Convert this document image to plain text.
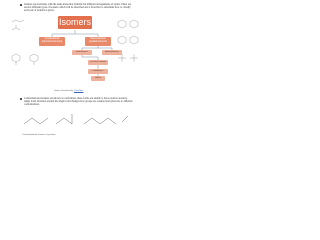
Isomers are molecules with the same molecular formula but different arrangements of atoms. There are several different types of isomers which will be described and a flowchart to determine how to classify each pair of isomers is given.
Isomers
Constitutional
(structural isomers)
Stereoisomers
(spatial isomers)
enantiomers	diastereomers
cis-trans isomers
conformers
others
Isomer flowchart by OpenStax
Conformational isomers are known as conformers, these forms are unable to have rotation around a single bond. Rotation around the single bond changes how groups are oriented and gives rise to different conformations.
Conformational isomers of pentane
